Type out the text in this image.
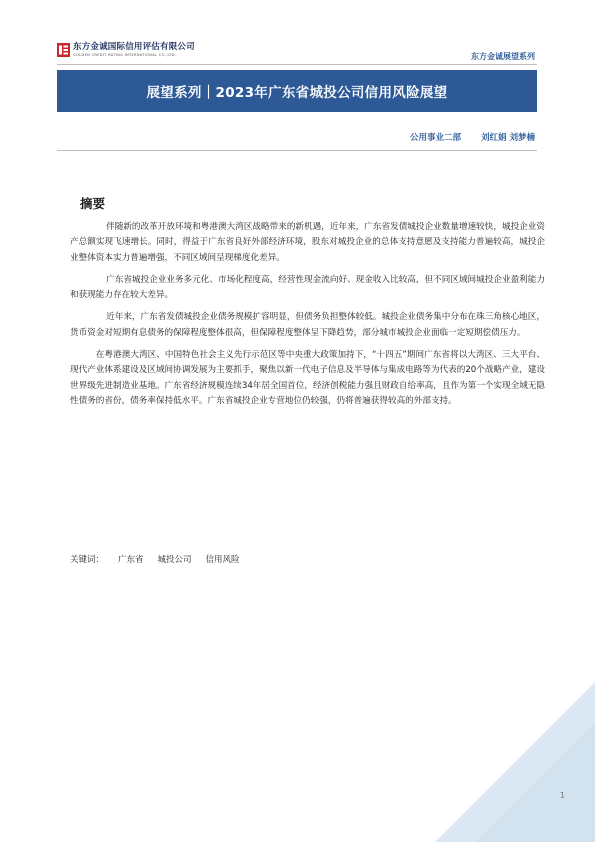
东方金诚国际信用评估有限公司
GOLDEN CREDIT RATING INTERNATIONAL CO.,LTD.	东方金诚展望系列
展望系列｜2023年广东省城投公司信用风险展望
公用事业二部 刘红娟 刘梦楠
摘要

伴随新的改革开放环境和粤港澳大湾区战略带来的新机遇，近年来，广东省发债城投企业数量增速较快，城投企业资产总额实现飞速增长。同时，得益于广东省良好外部经济环境，股东对城投企业的总体支持意愿及支持能力普遍较高，城投企业整体资本实力普遍增强，不同区域间呈现梯度化差异。

广东省城投企业业务多元化、市场化程度高，经营性现金流向好、现金收入比较高，但不同区域间城投企业盈利能力和获现能力存在较大差异。

近年来，广东省发债城投企业债务规模扩容明显，但债务负担整体较低。城投企业债务集中分布在珠三角核心地区，货币资金对短期有息债务的保障程度整体很高，但保障程度整体呈下降趋势，部分城市城投企业面临一定短期偿债压力。

在粤港澳大湾区、中国特色社会主义先行示范区等中央重大政策加持下，“十四五”期间广东省将以大湾区、三大平台、现代产业体系建设及区域间协调发展为主要抓手，聚焦以新一代电子信息及半导体与集成电路等为代表的20个战略产业，建设世界级先进制造业基地。广东省经济规模连续34年居全国首位，经济创税能力强且财政自给率高，且作为第一个实现全域无隐性债务的省份，债务率保持低水平。广东省城投企业专营地位仍较强，仍将普遍获得较高的外部支持。

关键词： 广东省 城投公司 信用风险
1
